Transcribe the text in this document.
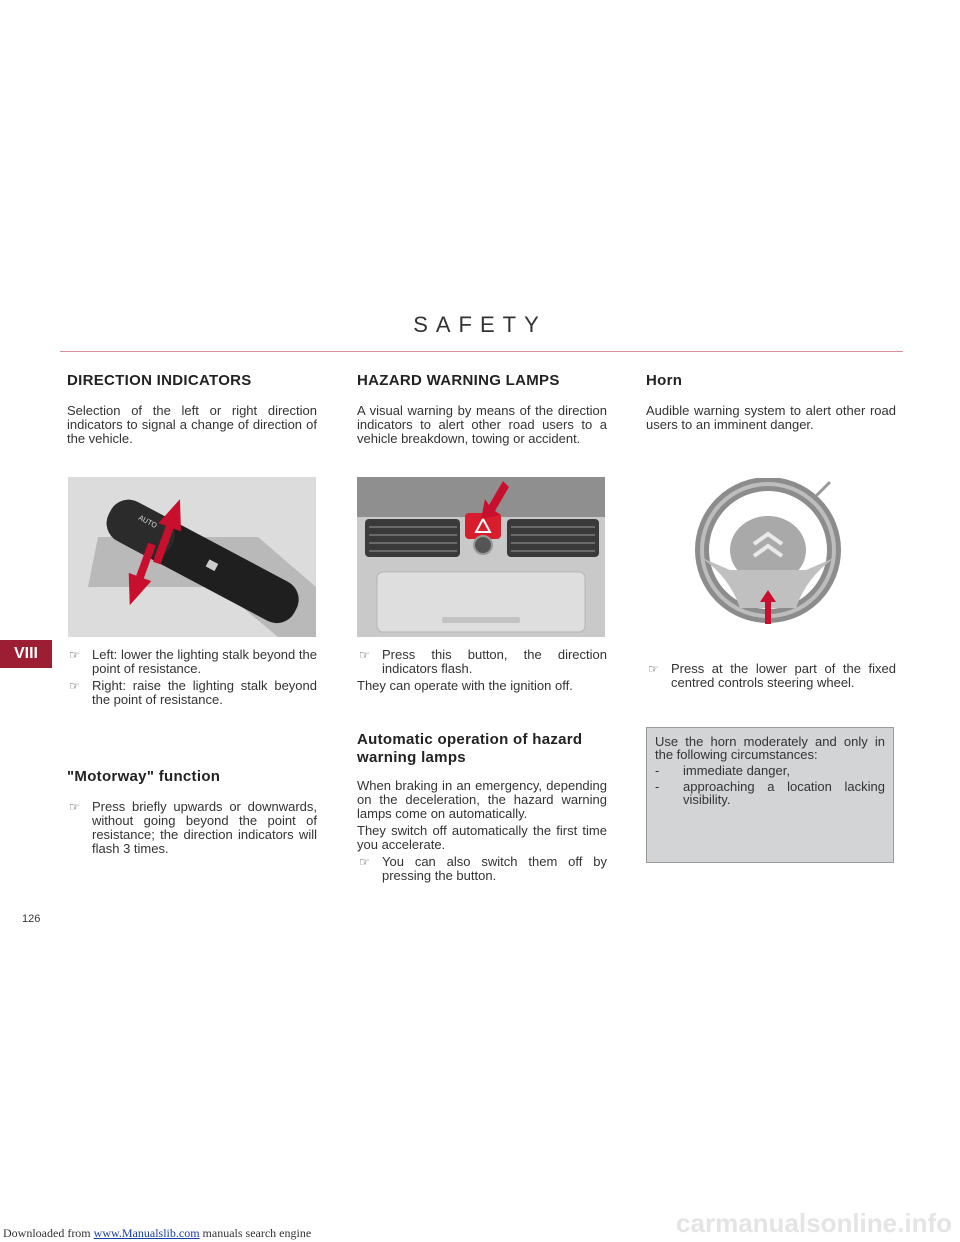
SAFETY
DIRECTION INDICATORS

Selection of the left or right direction indicators to signal a change of direction of the vehicle.

AUTO
☞ Left: lower the lighting stalk beyond the point of resistance.
☞ Right: raise the lighting stalk beyond the point of resistance.
"Motorway" function
☞ Press briefly upwards or downwards, without going beyond the point of resistance; the direction indicators will flash 3 times.
HAZARD WARNING LAMPS

A visual warning by means of the direction indicators to alert other road users to a vehicle breakdown, towing or accident.

☞ Press this button, the direction indicators flash.

They can operate with the ignition off.

Automatic operation of hazard warning lamps

When braking in an emergency, depending on the deceleration, the hazard warning lamps come on automatically.

They switch off automatically the first time you accelerate.

☞ You can also switch them off by pressing the button.
Horn

Audible warning system to alert other road users to an imminent danger.

☞ Press at the lower part of the fixed centred controls steering wheel.

Use the horn moderately and only in the following circumstances:

- immediate danger,
- approaching a location lacking visibility.
VIII
126
Downloaded from www.Manualslib.com manuals search engine	carmanualsonline.info
